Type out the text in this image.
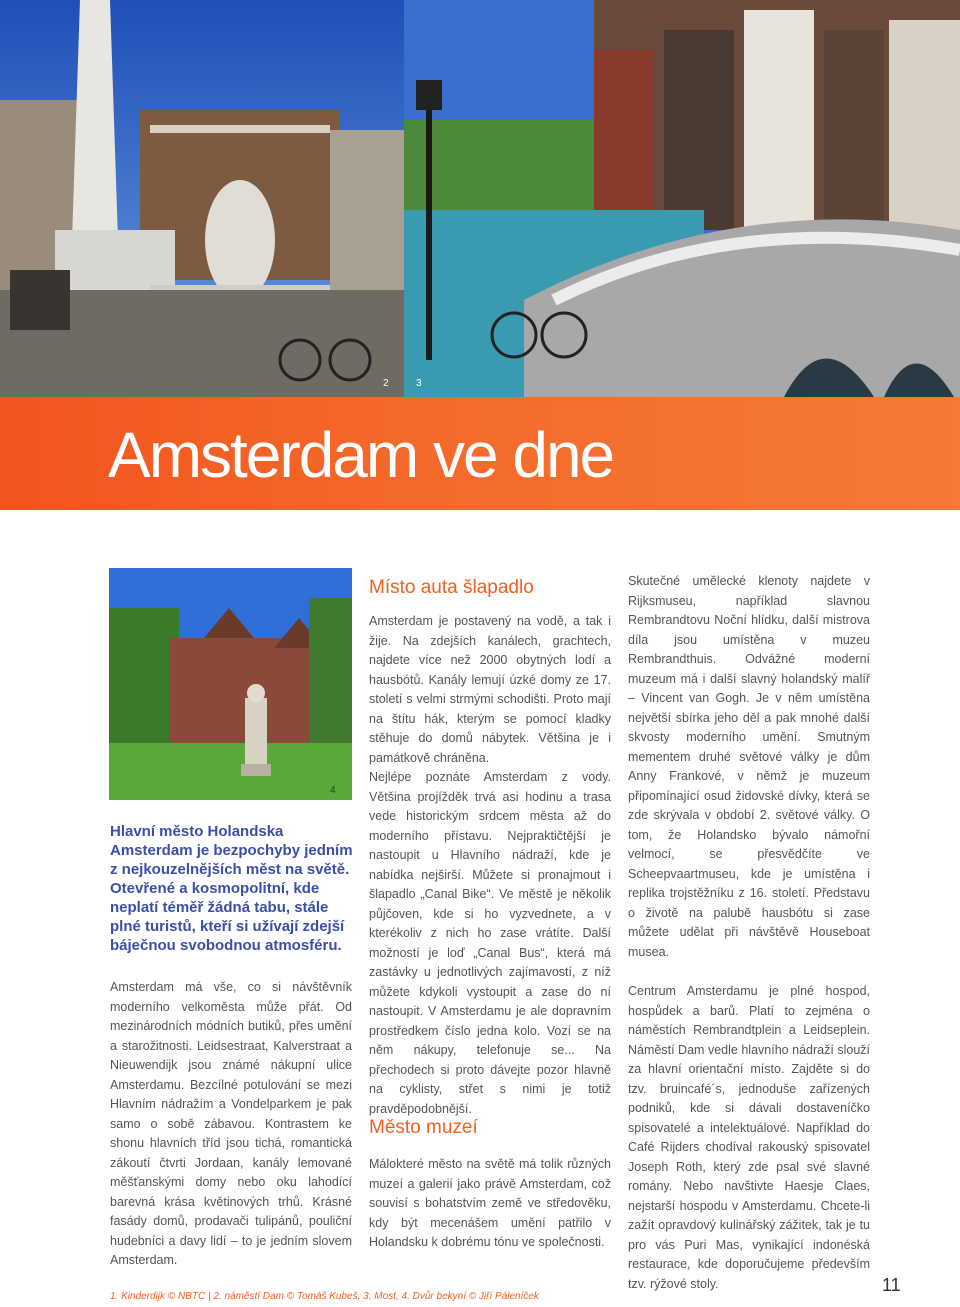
2	3
Amsterdam ve dne
4

Hlavní město Holandska Amsterdam je bezpochyby jedním z nejkouzelnějších měst na světě. Otevřené a kosmopolitní, kde neplatí téměř žádná tabu, stále plné turistů, kteří si užívají zdejší báječnou svobodnou atmosféru.

Amsterdam má vše, co si návštěvník moderního velkoměsta může přát. Od mezinárodních módních butiků, přes umění a starožitnosti. Leidsestraat, Kalverstraat a Nieuwendijk jsou známé nákupní ulice Amsterdamu. Bezcílné potulování se mezi Hlavním nádražím a Vondelparkem je pak samo o sobě zábavou. Kontrastem ke shonu hlavních tříd jsou tichá, romantická zákoutí čtvrti Jordaan, kanály lemované měšťanskými domy nebo oku lahodící barevná krása květinových trhů. Krásné fasády domů, prodavači tulipánů, pouliční hudebníci a davy lidí – to je jedním slovem Amsterdam.

Místo auta šlapadlo
Amsterdam je postavený na vodě, a tak i žije. Na zdejších kanálech, grachtech, najdete více než 2000 obytných lodí a hausbótů. Kanály lemují úzké domy ze 17. století s velmi strmými schodišti. Proto mají na štítu hák, kterým se pomocí kladky stěhuje do domů nábytek. Většina je i památkově chráněna.
Nejlépe poznáte Amsterdam z vody. Většina projížděk trvá asi hodinu a trasa vede historickým srdcem města až do moderního přístavu. Nejpraktičtější je nastoupit u Hlavního nádraží, kde je nabídka nejširší. Můžete si pronajmout i šlapadlo „Canal Bike“. Ve městě je několik půjčoven, kde si ho vyzvednete, a v kterékoliv z nich ho zase vrátíte. Další možností je loď „Canal Bus“, která má zastávky u jednotlivých zajímavostí, z níž můžete kdykoli vystoupit a zase do ní nastoupit. V Amsterdamu je ale dopravním prostředkem číslo jedna kolo. Vozí se na něm nákupy, telefonuje se... Na přechodech si proto dávejte pozor hlavně na cyklisty, střet s nimi je totiž pravděpodobnější.
Město muzeí
Málokteré město na světě má tolik různých muzeí a galerií jako právě Amsterdam, což souvisí s bohatstvím země ve středověku, kdy být mecenášem umění patřilo v Holandsku k dobrému tónu ve společnosti.

Skutečné umělecké klenoty najdete v Rijksmuseu, například slavnou Rembrandtovu Noční hlídku, další mistrova díla jsou umístěna v muzeu Rembrandthuis. Odvážné moderní muzeum má i další slavný holandský malíř – Vincent van Gogh. Je v něm umístěna největší sbírka jeho děl a pak mnohé další skvosty moderního umění. Smutným mementem druhé světové války je dům Anny Frankové, v němž je muzeum připomínající osud židovské dívky, která se zde skrývala v období 2. světové války. O tom, že Holandsko bývalo námořní velmocí, se přesvědčíte ve Scheepvaartmuseu, kde je umístěna i replika trojstěžníku z 16. století. Představu o životě na palubě hausbótu si zase můžete udělat při návštěvě Houseboat musea.

Centrum Amsterdamu je plné hospod, hospůdek a barů. Platí to zejména o náměstích Rembrandtplein a Leidseplein. Náměstí Dam vedle hlavního nádraží slouží za hlavní orientační místo. Zajděte si do tzv. bruincafé´s, jednoduše zařízených podniků, kde si dávali dostaveníčko spisovatelé a intelektuálové. Například do Café Rijders chodíval rakouský spisovatel Joseph Roth, který zde psal své slavné romány. Nebo navštivte Haesje Claes, nejstarší hospodu v Amsterdamu. Chcete-li zažít opravdový kulinářský zážitek, tak je tu pro vás Puri Mas, vynikající indonéská restaurace, kde doporučujeme především tzv. rýžové stoly.

1. Kinderdijk © NBTC | 2. náměstí Dam © Tomáš Kubeš, 3. Most, 4. Dvůr bekyní © Jiří Páleníček
11
